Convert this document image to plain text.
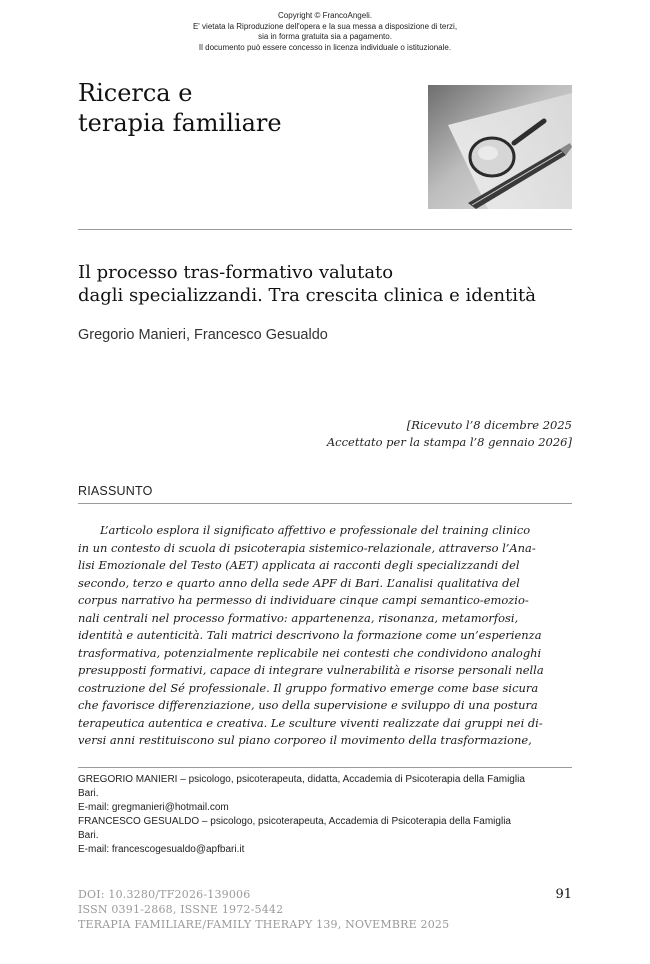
Copyright © FrancoAngeli.
E' vietata la Riproduzione dell'opera e la sua messa a disposizione di terzi,
sia in forma gratuita sia a pagamento.
Il documento può essere concesso in licenza individuale o istituzionale.
Ricerca e
terapia familiare
Il processo tras-formativo valutato
dagli specializzandi. Tra crescita clinica e identità
Gregorio Manieri, Francesco Gesualdo
[Ricevuto l’8 dicembre 2025
Accettato per la stampa l’8 gennaio 2026]
RIASSUNTO
L’articolo esplora il significato affettivo e professionale del training clinico
in un contesto di scuola di psicoterapia sistemico-relazionale, attraverso l’Ana-
lisi Emozionale del Testo (AET) applicata ai racconti degli specializzandi del
secondo, terzo e quarto anno della sede APF di Bari. L’analisi qualitativa del
corpus narrativo ha permesso di individuare cinque campi semantico-emozio-
nali centrali nel processo formativo: appartenenza, risonanza, metamorfosi,
identità e autenticità. Tali matrici descrivono la formazione come un’esperienza
trasformativa, potenzialmente replicabile nei contesti che condividono analoghi
presupposti formativi, capace di integrare vulnerabilità e risorse personali nella
costruzione del Sé professionale. Il gruppo formativo emerge come base sicura
che favorisce differenziazione, uso della supervisione e sviluppo di una postura
terapeutica autentica e creativa. Le sculture viventi realizzate dai gruppi nei di-
versi anni restituiscono sul piano corporeo il movimento della trasformazione,
GREGORIO MANIERI – psicologo, psicoterapeuta, didatta, Accademia di Psicoterapia della Famiglia
Bari.
E-mail: gregmanieri@hotmail.com
FRANCESCO GESUALDO – psicologo, psicoterapeuta, Accademia di Psicoterapia della Famiglia
Bari.
E-mail: francescogesualdo@apfbari.it
DOI: 10.3280/TF2026-139006
ISSN 0391-2868, ISSNE 1972-5442
TERAPIA FAMILIARE/FAMILY THERAPY 139, NOVEMBRE 2025
91
